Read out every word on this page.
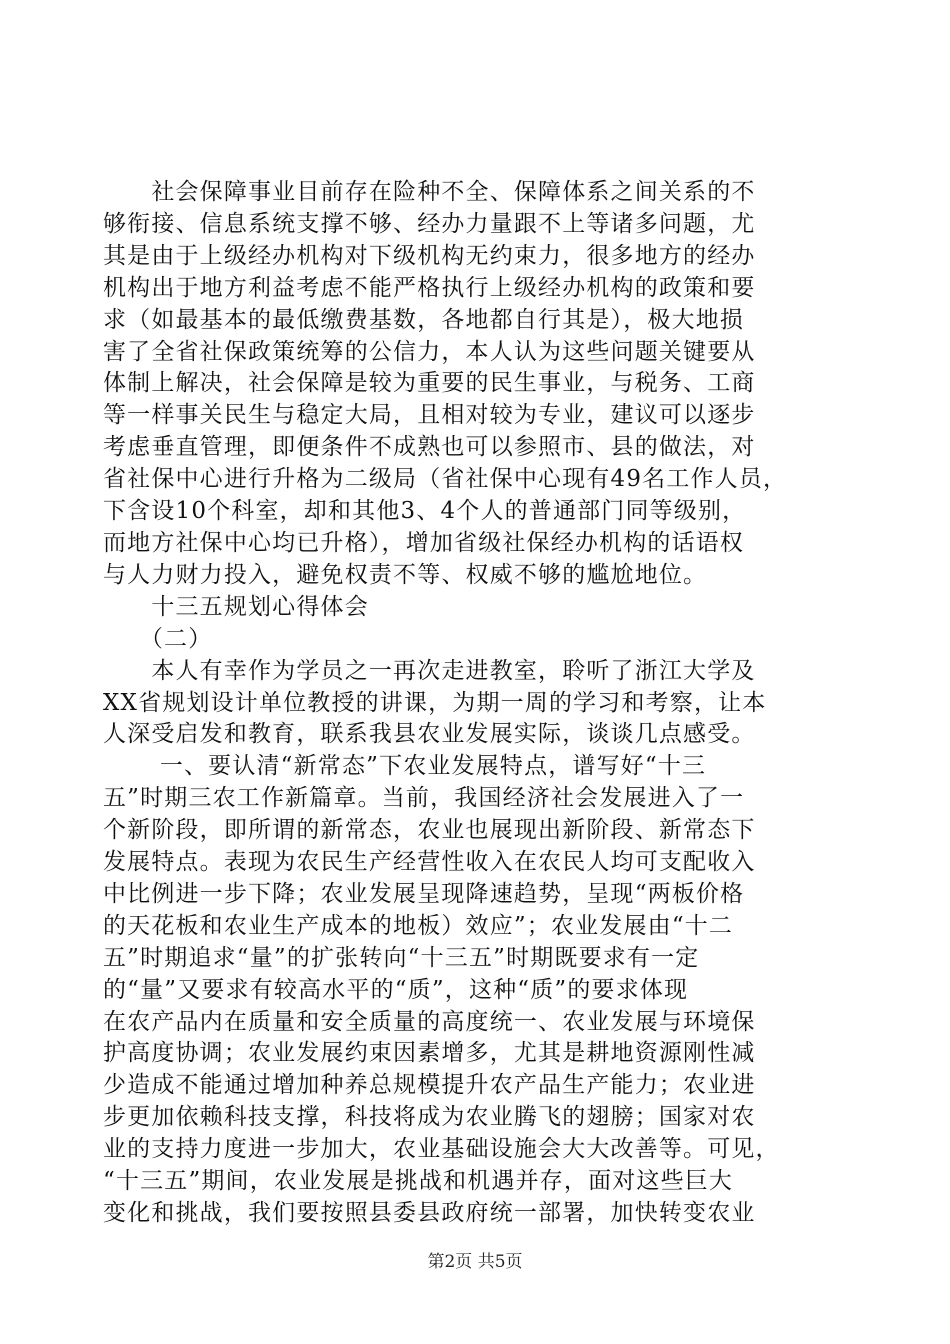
　　社会保障事业目前存在险种不全、保障体系之间关系的不
够衔接、信息系统支撑不够、经办力量跟不上等诸多问题，尤
其是由于上级经办机构对下级机构无约束力，很多地方的经办
机构出于地方利益考虑不能严格执行上级经办机构的政策和要
求（如最基本的最低缴费基数，各地都自行其是），极大地损
害了全省社保政策统筹的公信力，本人认为这些问题关键要从
体制上解决，社会保障是较为重要的民生事业，与税务、工商
等一样事关民生与稳定大局，且相对较为专业，建议可以逐步
考虑垂直管理，即便条件不成熟也可以参照市、县的做法，对
省社保中心进行升格为二级局（省社保中心现有49名工作人员，
下含设10个科室，却和其他3、4个人的普通部门同等级别，
而地方社保中心均已升格），增加省级社保经办机构的话语权
与人力财力投入，避免权责不等、权威不够的尴尬地位。
　　十三五规划心得体会
　　（二）
　　本人有幸作为学员之一再次走进教室，聆听了浙江大学及
XX省规划设计单位教授的讲课，为期一周的学习和考察，让本
人深受启发和教育，联系我县农业发展实际，谈谈几点感受。
　　 一、要认清“新常态”下农业发展特点，谱写好“十三
五”时期三农工作新篇章。当前，我国经济社会发展进入了一
个新阶段，即所谓的新常态，农业也展现出新阶段、新常态下
发展特点。表现为农民生产经营性收入在农民人均可支配收入
中比例进一步下降；农业发展呈现降速趋势，呈现“两板价格
的天花板和农业生产成本的地板）效应”；农业发展由“十二
五”时期追求“量”的扩张转向“十三五”时期既要求有一定
的“量”又要求有较高水平的“质”，这种“质”的要求体现
在农产品内在质量和安全质量的高度统一、农业发展与环境保
护高度协调；农业发展约束因素增多，尤其是耕地资源刚性减
少造成不能通过增加种养总规模提升农产品生产能力；农业进
步更加依赖科技支撑，科技将成为农业腾飞的翅膀；国家对农
业的支持力度进一步加大，农业基础设施会大大改善等。可见，
“十三五”期间，农业发展是挑战和机遇并存，面对这些巨大
变化和挑战，我们要按照县委县政府统一部署，加快转变农业
第2页 共5页
